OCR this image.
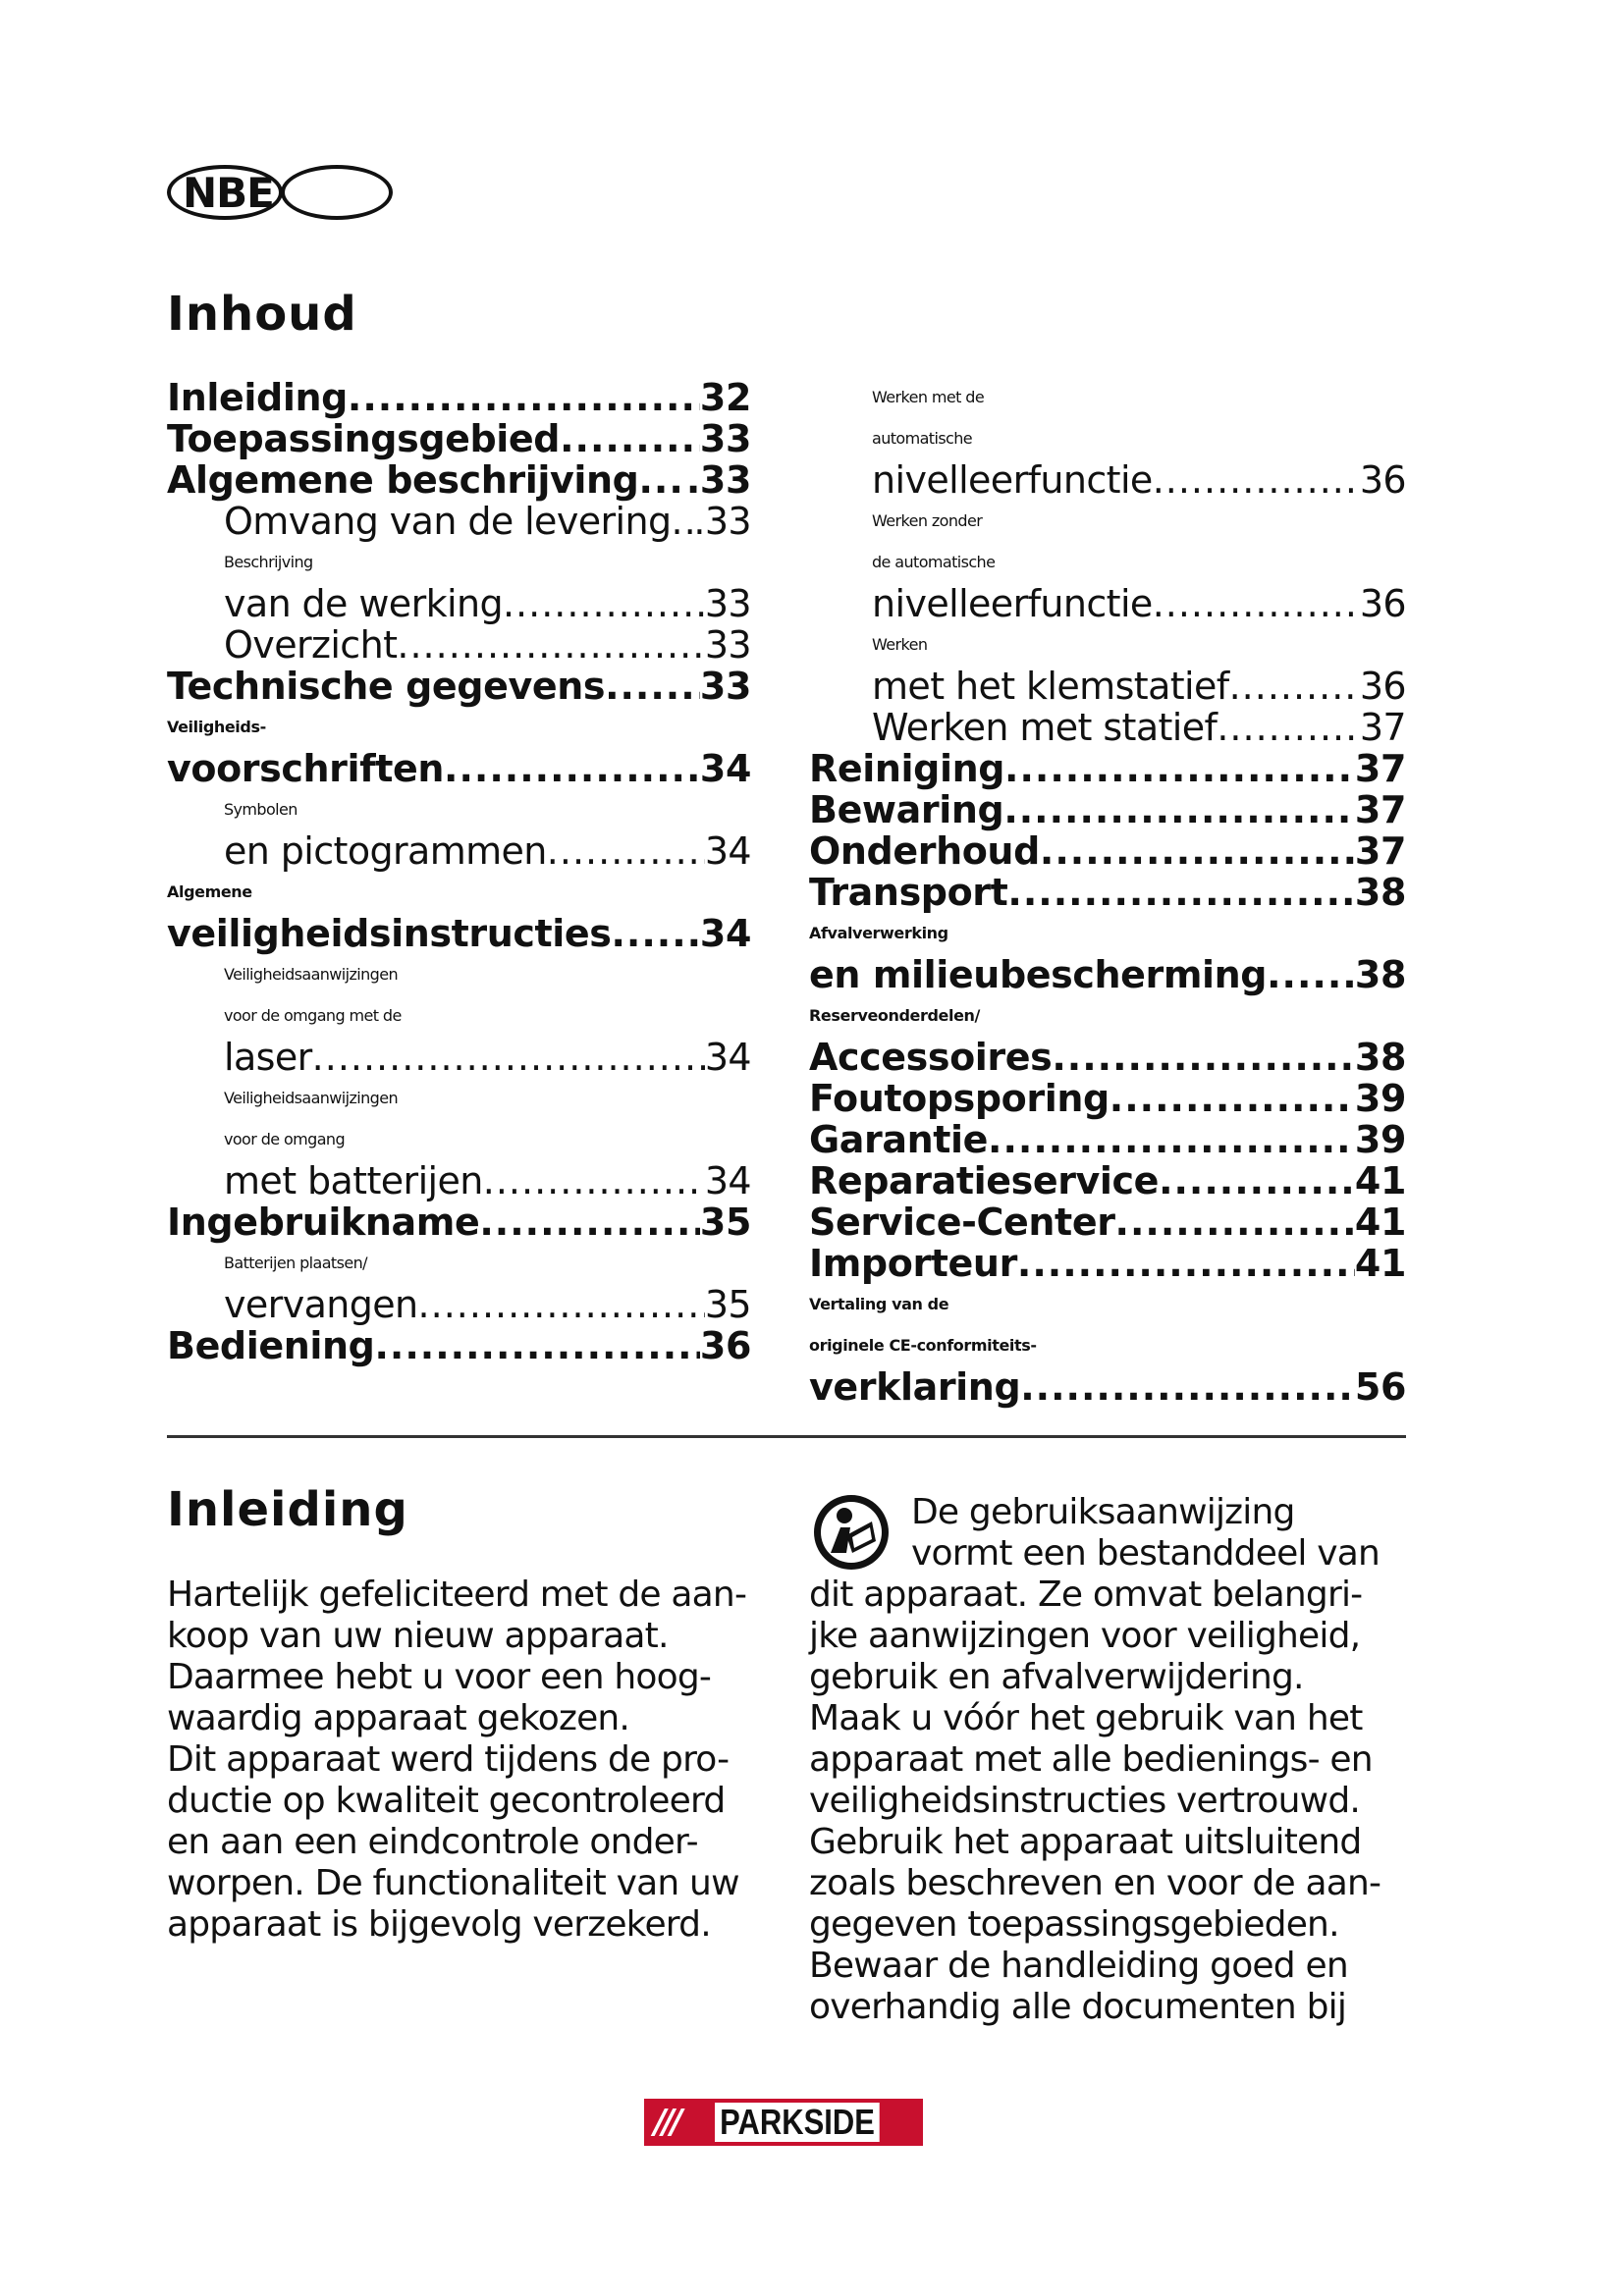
NBE
Inhoud
Inleiding .....	32
Toepassingsgebied .....	33
Algemene beschrijving ..... .33
Omvang van de levering ..... .33
Beschrijving
van de werking .....	33
Overzicht .....	33
Technische gegevens .....	33
Veiligheids-
voorschriften .....	34
Symbolen
en pictogrammen .....	34
Algemene
veiligheidsinstructies ..... 34
Veiligheidsaanwijzingen
voor de omgang met de
laser .....	34
Veiligheidsaanwijzingen
voor de omgang
met batterijen .....	34
Ingebruikname .....	35
Batterijen plaatsen/
vervangen .....	35
Bediening .....	36
Werken met de
automatische
nivelleerfunctie .....	36
Werken zonder
de automatische
nivelleerfunctie .....	36
Werken
met het klemstatief .....	36
Werken met statief .....	37
Reiniging .....	37
Bewaring .....	37
Onderhoud .....	37
Transport .....	38
Afvalverwerking
en milieubescherming ..... 38
Reserveonderdelen/
Accessoires .....	38
Foutopsporing .....	39
Garantie .....	39
Reparatieservice .....	41
Service-Center .....	41
Importeur .....	41
Vertaling van de
originele CE-conformiteits-
verklaring .....	56
Inleiding
Hartelijk gefeliciteerd met de aan-
koop van uw nieuw apparaat.
Daarmee hebt u voor een hoog-
waardig apparaat gekozen.
Dit apparaat werd tijdens de pro-
ductie op kwaliteit gecontroleerd
en aan een eindcontrole onder-
worpen. De functionaliteit van uw
apparaat is bijgevolg verzekerd.
De gebruiksaanwijzing
vormt een bestanddeel van
dit apparaat. Ze omvat belangri-
jke aanwijzingen voor veiligheid,
gebruik en afvalverwijdering.
Maak u vóór het gebruik van het
apparaat met alle bedienings- en
veiligheidsinstructies vertrouwd.
Gebruik het apparaat uitsluitend
zoals beschreven en voor de aan-
gegeven toepassingsgebieden.
Bewaar de handleiding goed en
overhandig alle documenten bij
///	PARKSIDE
